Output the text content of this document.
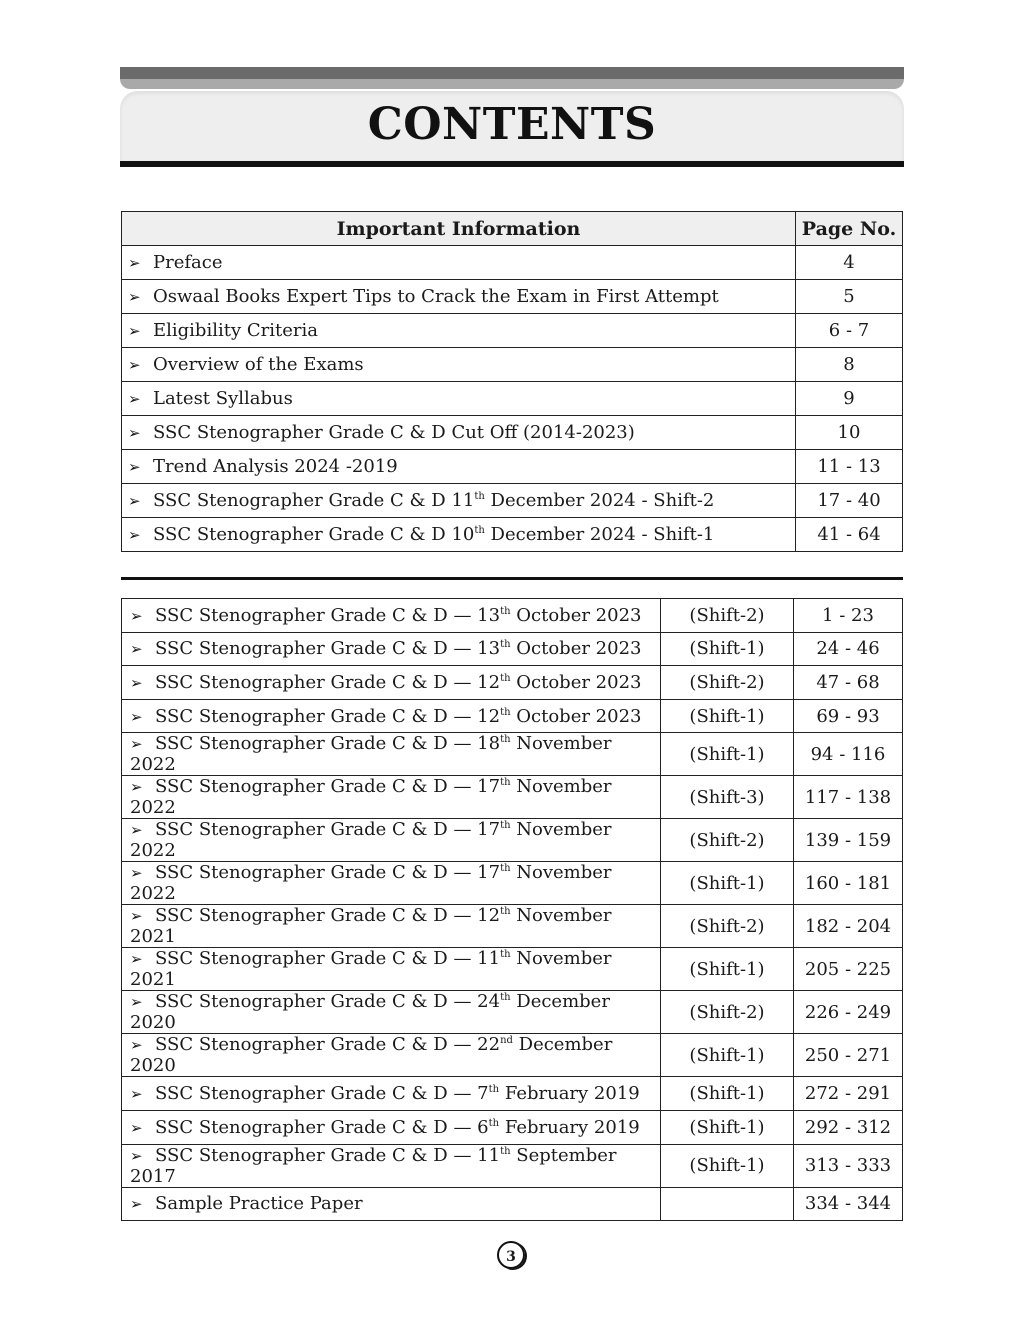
CONTENTS
Important Information	Page No.
➢ Preface	4
➢ Oswaal Books Expert Tips to Crack the Exam in First Attempt	5
➢ Eligibility Criteria	6 - 7
➢ Overview of the Exams	8
➢ Latest Syllabus	9
➢ SSC Stenographer Grade C & D Cut Off (2014-2023)	10
➢ Trend Analysis 2024 -2019	11 - 13
➢ SSC Stenographer Grade C & D 11th December 2024 - Shift-2	17 - 40
➢ SSC Stenographer Grade C & D 10th December 2024 - Shift-1	41 - 64
➢ SSC Stenographer Grade C & D — 13th October 2023	(Shift-2)	1 - 23
➢ SSC Stenographer Grade C & D — 13th October 2023	(Shift-1)	24 - 46
➢ SSC Stenographer Grade C & D — 12th October 2023	(Shift-2)	47 - 68
➢ SSC Stenographer Grade C & D — 12th October 2023	(Shift-1)	69 - 93
➢ SSC Stenographer Grade C & D — 18th November 2022	(Shift-1)	94 - 116
➢ SSC Stenographer Grade C & D — 17th November 2022	(Shift-3)	117 - 138
➢ SSC Stenographer Grade C & D — 17th November 2022	(Shift-2)	139 - 159
➢ SSC Stenographer Grade C & D — 17th November 2022	(Shift-1)	160 - 181
➢ SSC Stenographer Grade C & D — 12th November 2021	(Shift-2)	182 - 204
➢ SSC Stenographer Grade C & D — 11th November 2021	(Shift-1)	205 - 225
➢ SSC Stenographer Grade C & D — 24th December 2020	(Shift-2)	226 - 249
➢ SSC Stenographer Grade C & D — 22nd December 2020	(Shift-1)	250 - 271
➢ SSC Stenographer Grade C & D — 7th February 2019	(Shift-1)	272 - 291
➢ SSC Stenographer Grade C & D — 6th February 2019	(Shift-1)	292 - 312
➢ SSC Stenographer Grade C & D — 11th September 2017	(Shift-1)	313 - 333
➢ Sample Practice Paper		334 - 344
3
